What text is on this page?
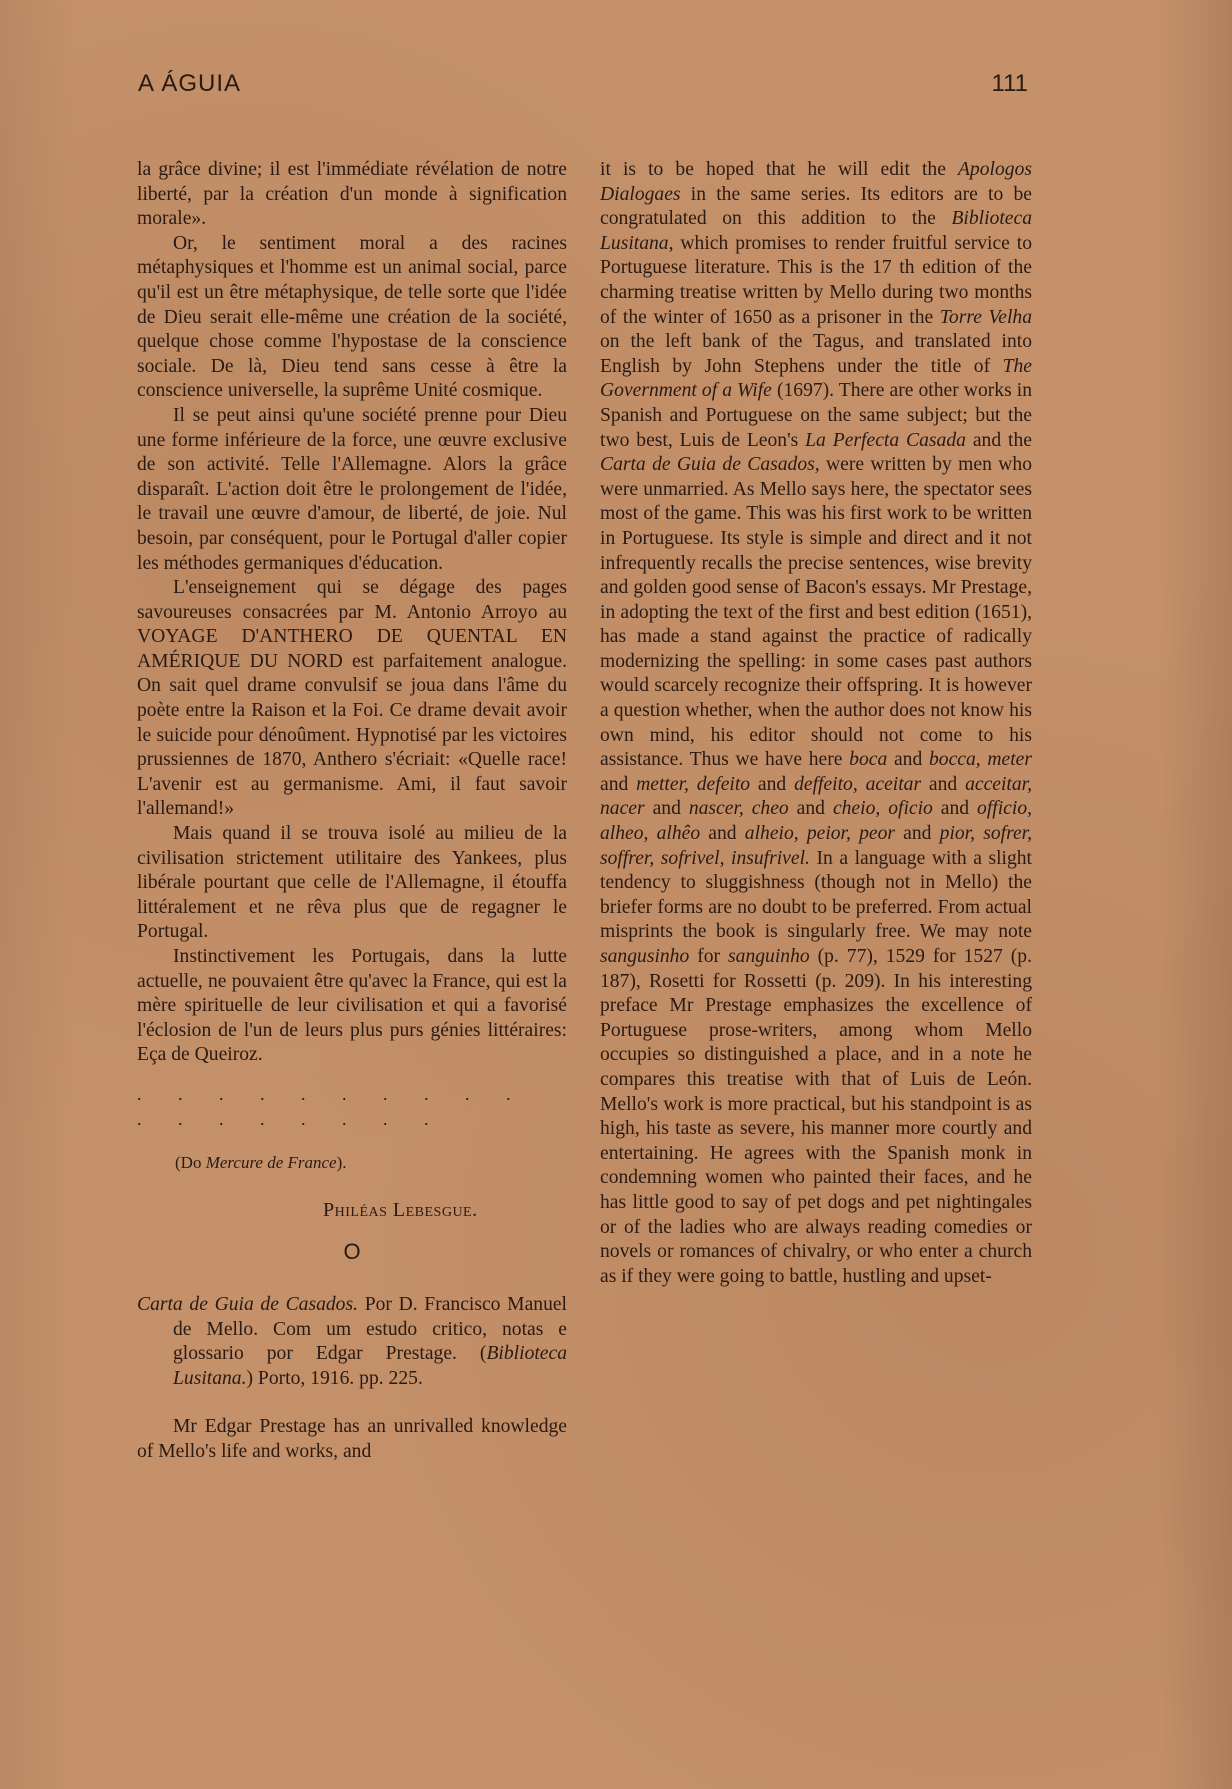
A ÁGUIA	111

la grâce divine; il est l'immédiate révélation de notre liberté, par la création d'un monde à signification morale».

Or, le sentiment moral a des racines métaphysiques et l'homme est un animal social, parce qu'il est un être métaphysique, de telle sorte que l'idée de Dieu serait elle-même une création de la société, quelque chose comme l'hypostase de la conscience sociale. De là, Dieu tend sans cesse à être la conscience universelle, la suprême Unité cosmique.

Il se peut ainsi qu'une société prenne pour Dieu une forme inférieure de la force, une œuvre exclusive de son activité. Telle l'Allemagne. Alors la grâce disparaît. L'action doit être le prolongement de l'idée, le travail une œuvre d'amour, de liberté, de joie. Nul besoin, par conséquent, pour le Portugal d'aller copier les méthodes germaniques d'éducation.

L'enseignement qui se dégage des pages savoureuses consacrées par M. Antonio Arroyo au VOYAGE D'ANTHERO DE QUENTAL EN AMÉRIQUE DU NORD est parfaitement analogue. On sait quel drame convulsif se joua dans l'âme du poète entre la Raison et la Foi. Ce drame devait avoir le suicide pour dénoûment. Hypnotisé par les victoires prussiennes de 1870, Anthero s'écriait: «Quelle race! L'avenir est au germanisme. Ami, il faut savoir l'allemand!»

Mais quand il se trouva isolé au milieu de la civilisation strictement utilitaire des Yankees, plus libérale pourtant que celle de l'Allemagne, il étouffa littéralement et ne rêva plus que de regagner le Portugal.

Instinctivement les Portugais, dans la lutte actuelle, ne pouvaient être qu'avec la France, qui est la mère spirituelle de leur civilisation et qui a favorisé l'éclosion de l'un de leurs plus purs génies littéraires: Eça de Queiroz.

. . . . . . . . . . . . . . . . . .
(Do Mercure de France).
Philéas Lebesgue.
O

Carta de Guia de Casados. Por D. Francisco Manuel de Mello. Com um estudo critico, notas e glossario por Edgar Prestage. (Biblioteca Lusitana.) Porto, 1916. pp. 225.

Mr Edgar Prestage has an unrivalled knowledge of Mello's life and works, and

it is to be hoped that he will edit the Apologos Dialogaes in the same series. Its editors are to be congratulated on this addition to the Biblioteca Lusitana, which promises to render fruitful service to Portuguese literature. This is the 17 th edition of the charming treatise written by Mello during two months of the winter of 1650 as a prisoner in the Torre Velha on the left bank of the Tagus, and translated into English by John Stephens under the title of The Government of a Wife (1697). There are other works in Spanish and Portuguese on the same subject; but the two best, Luis de Leon's La Perfecta Casada and the Carta de Guia de Casados, were written by men who were unmarried. As Mello says here, the spectator sees most of the game. This was his first work to be written in Portuguese. Its style is simple and direct and it not infrequently recalls the precise sentences, wise brevity and golden good sense of Bacon's essays. Mr Prestage, in adopting the text of the first and best edition (1651), has made a stand against the practice of radically modernizing the spelling: in some cases past authors would scarcely recognize their offspring. It is however a question whether, when the author does not know his own mind, his editor should not come to his assistance. Thus we have here boca and bocca, meter and metter, defeito and deffeito, aceitar and acceitar, nacer and nascer, cheo and cheio, oficio and officio, alheo, alhêo and alheio, peior, peor and pior, sofrer, soffrer, sofrivel, insufrivel. In a language with a slight tendency to sluggishness (though not in Mello) the briefer forms are no doubt to be preferred. From actual misprints the book is singularly free. We may note sangusinho for sanguinho (p. 77), 1529 for 1527 (p. 187), Rosetti for Rossetti (p. 209). In his interesting preface Mr Prestage emphasizes the excellence of Portuguese prose-writers, among whom Mello occupies so distinguished a place, and in a note he compares this treatise with that of Luis de León. Mello's work is more practical, but his standpoint is as high, his taste as severe, his manner more courtly and entertaining. He agrees with the Spanish monk in condemning women who painted their faces, and he has little good to say of pet dogs and pet nightingales or of the ladies who are always reading comedies or novels or romances of chivalry, or who enter a church as if they were going to battle, hustling and upset-
